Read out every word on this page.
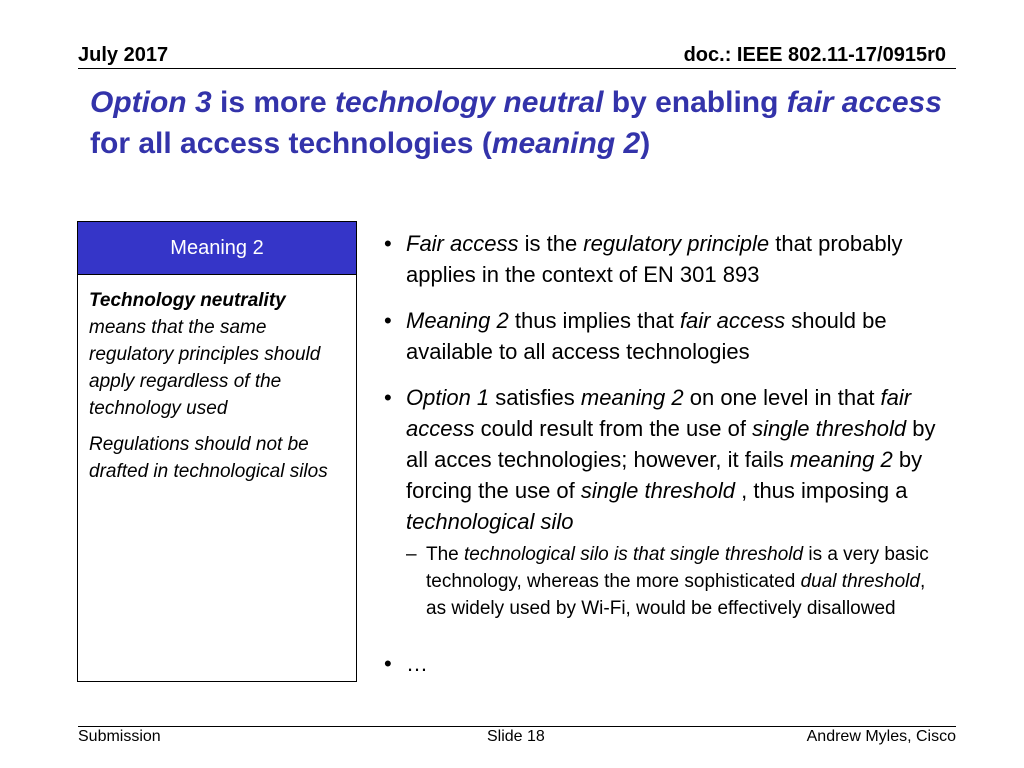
July 2017	doc.: IEEE 802.11-17/0915r0
Option 3 is more technology neutral by enabling fair access for all access technologies (meaning 2)
Meaning 2

Technology neutrality means that the same regulatory principles should apply regardless of the technology used

Regulations should not be drafted in technological silos

• Fair access is the regulatory principle that probably applies in the context of EN 301 893
• Meaning 2 thus implies that fair access should be available to all access technologies
• Option 1 satisfies meaning 2 on one level in that fair access could result from the use of single threshold by all acces technologies; however, it fails meaning 2 by forcing the use of single threshold , thus imposing a technological silo
– The technological silo is that single threshold is a very basic technology, whereas the more sophisticated dual threshold, as widely used by Wi-Fi, would be effectively disallowed
• …
Submission	Slide 18	Andrew Myles, Cisco
